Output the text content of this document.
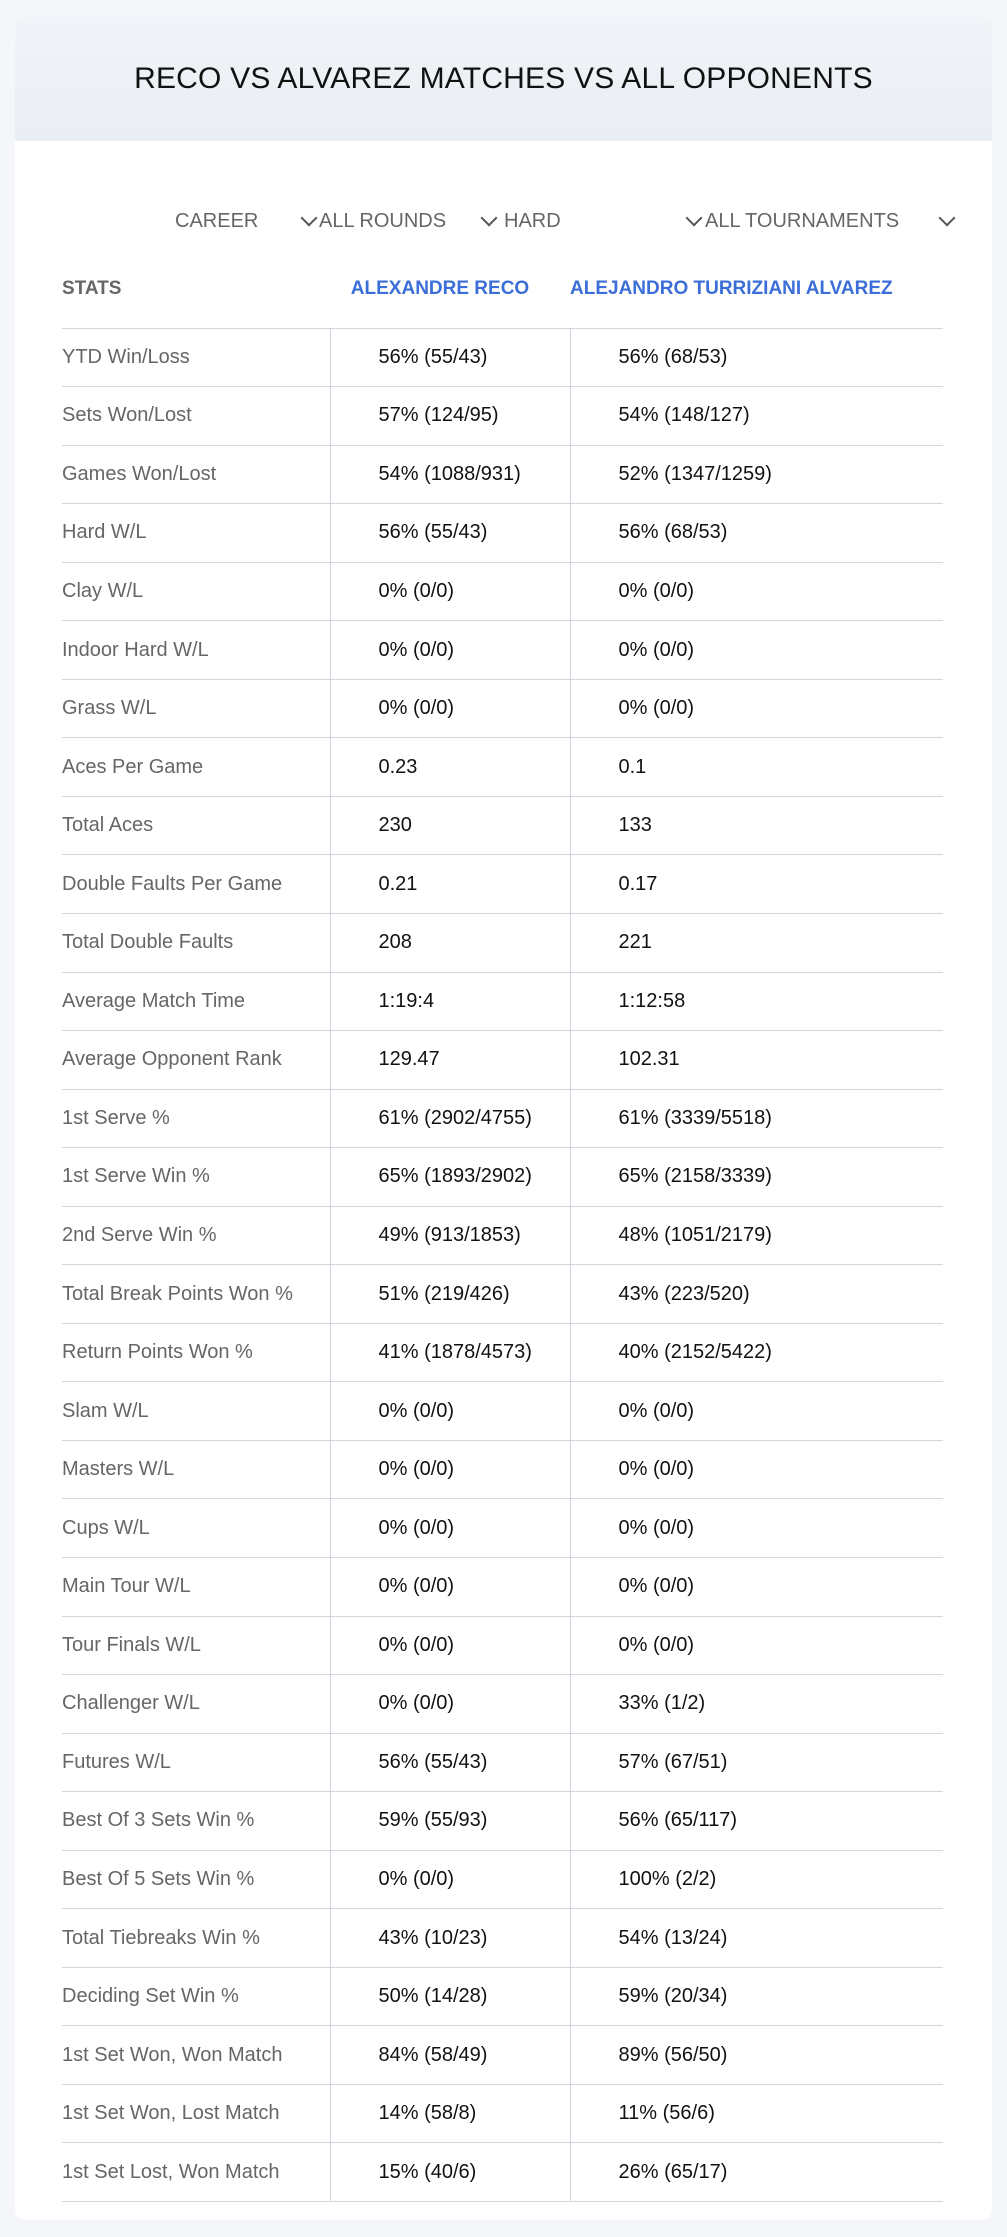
RECO VS ALVAREZ MATCHES VS ALL OPPONENTS
CAREER	ALL ROUNDS	HARD	ALL TOURNAMENTS
STATS	ALEXANDRE RECO	ALEJANDRO TURRIZIANI ALVAREZ
YTD Win/Loss	56% (55/43)	56% (68/53)
Sets Won/Lost	57% (124/95)	54% (148/127)
Games Won/Lost	54% (1088/931)	52% (1347/1259)
Hard W/L	56% (55/43)	56% (68/53)
Clay W/L	0% (0/0)	0% (0/0)
Indoor Hard W/L	0% (0/0)	0% (0/0)
Grass W/L	0% (0/0)	0% (0/0)
Aces Per Game	0.23	0.1
Total Aces	230	133
Double Faults Per Game	0.21	0.17
Total Double Faults	208	221
Average Match Time	1:19:4	1:12:58
Average Opponent Rank	129.47	102.31
1st Serve %	61% (2902/4755)	61% (3339/5518)
1st Serve Win %	65% (1893/2902)	65% (2158/3339)
2nd Serve Win %	49% (913/1853)	48% (1051/2179)
Total Break Points Won %	51% (219/426)	43% (223/520)
Return Points Won %	41% (1878/4573)	40% (2152/5422)
Slam W/L	0% (0/0)	0% (0/0)
Masters W/L	0% (0/0)	0% (0/0)
Cups W/L	0% (0/0)	0% (0/0)
Main Tour W/L	0% (0/0)	0% (0/0)
Tour Finals W/L	0% (0/0)	0% (0/0)
Challenger W/L	0% (0/0)	33% (1/2)
Futures W/L	56% (55/43)	57% (67/51)
Best Of 3 Sets Win %	59% (55/93)	56% (65/117)
Best Of 5 Sets Win %	0% (0/0)	100% (2/2)
Total Tiebreaks Win %	43% (10/23)	54% (13/24)
Deciding Set Win %	50% (14/28)	59% (20/34)
1st Set Won, Won Match	84% (58/49)	89% (56/50)
1st Set Won, Lost Match	14% (58/8)	11% (56/6)
1st Set Lost, Won Match	15% (40/6)	26% (65/17)
